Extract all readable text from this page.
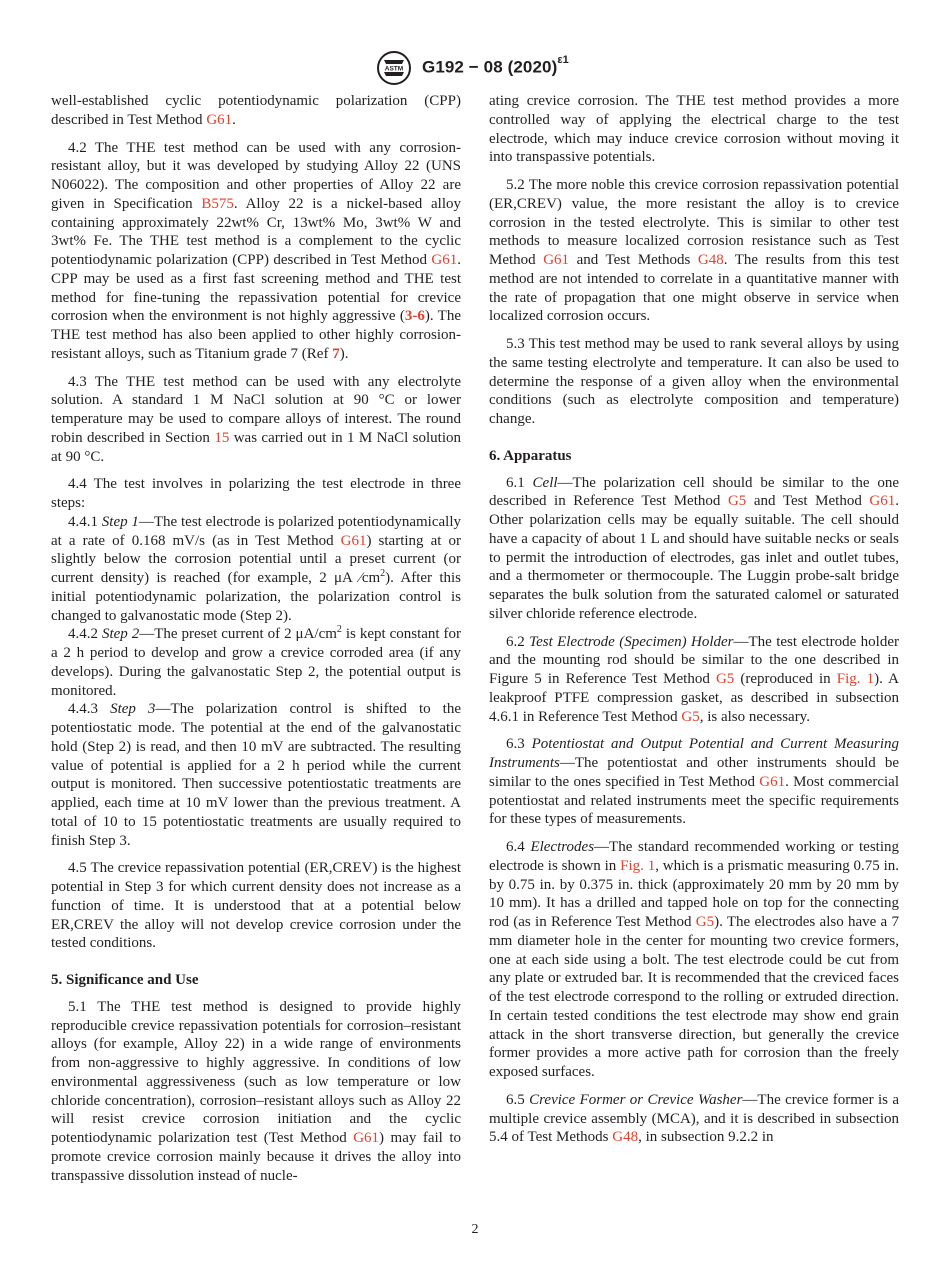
ASTM G192 − 08 $(2020)^{\varepsilon 1}$

well-established cyclic potentiodynamic polarization (CPP) described in Test Method G61.

4.2 The THE test method can be used with any corrosion-resistant alloy, but it was developed by studying Alloy 22 (UNS N06022). The composition and other properties of Alloy 22 are given in Specification B575. Alloy 22 is a nickel-based alloy containing approximately 22wt% Cr, 13wt% Mo, 3wt% W and 3wt% Fe. The THE test method is a complement to the cyclic potentiodynamic polarization (CPP) described in Test Method G61. CPP may be used as a first fast screening method and THE test method for fine-tuning the repassivation potential for crevice corrosion when the environment is not highly aggressive (3-6). The THE test method has also been applied to other highly corrosion-resistant alloys, such as Titanium grade 7 (Ref 7).

4.3 The THE test method can be used with any electrolyte solution. A standard 1 M NaCl solution at 90 °C or lower temperature may be used to compare alloys of interest. The round robin described in Section 15 was carried out in 1 M NaCl solution at 90 °C.

4.4 The test involves in polarizing the test electrode in three steps:

4.4.1 Step 1—The test electrode is polarized potentiodynamically at a rate of 0.168 mV/s (as in Test Method G61) starting at or slightly below the corrosion potential until a preset current (or current density) is reached (for example, 2 μA $⁄cm^2$). After this initial potentiodynamic polarization, the polarization control is changed to galvanostatic mode (Step 2).

4.4.2 Step 2—The preset current of 2 $\mu A/cm^2$ is kept constant for a 2 h period to develop and grow a crevice corroded area (if any develops). During the galvanostatic Step 2, the potential output is monitored.

4.4.3 Step 3—The polarization control is shifted to the potentiostatic mode. The potential at the end of the galvanostatic hold (Step 2) is read, and then 10 mV are subtracted. The resulting value of potential is applied for a 2 h period while the current output is monitored. Then successive potentiostatic treatments are applied, each time at 10 mV lower than the previous treatment. A total of 10 to 15 potentiostatic treatments are usually required to finish Step 3.

4.5 The crevice repassivation potential (ER,CREV) is the highest potential in Step 3 for which current density does not increase as a function of time. It is understood that at a potential below ER,CREV the alloy will not develop crevice corrosion under the tested conditions.

5. Significance and Use

5.1 The THE test method is designed to provide highly reproducible crevice repassivation potentials for corrosion–resistant alloys (for example, Alloy 22) in a wide range of environments from non-aggressive to highly aggressive. In conditions of low environmental aggressiveness (such as low temperature or low chloride concentration), corrosion–resistant alloys such as Alloy 22 will resist crevice corrosion initiation and the cyclic potentiodynamic polarization test (Test Method G61) may fail to promote crevice corrosion mainly because it drives the alloy into transpassive dissolution instead of nucle-

ating crevice corrosion. The THE test method provides a more controlled way of applying the electrical charge to the test electrode, which may induce crevice corrosion without moving it into transpassive potentials.

5.2 The more noble this crevice corrosion repassivation potential (ER,CREV) value, the more resistant the alloy is to crevice corrosion in the tested electrolyte. This is similar to other test methods to measure localized corrosion resistance such as Test Method G61 and Test Methods G48. The results from this test method are not intended to correlate in a quantitative manner with the rate of propagation that one might observe in service when localized corrosion occurs.

5.3 This test method may be used to rank several alloys by using the same testing electrolyte and temperature. It can also be used to determine the response of a given alloy when the environmental conditions (such as electrolyte composition and temperature) change.

6. Apparatus

6.1 Cell—The polarization cell should be similar to the one described in Reference Test Method G5 and Test Method G61. Other polarization cells may be equally suitable. The cell should have a capacity of about 1 L and should have suitable necks or seals to permit the introduction of electrodes, gas inlet and outlet tubes, and a thermometer or thermocouple. The Luggin probe-salt bridge separates the bulk solution from the saturated calomel or saturated silver chloride reference electrode.

6.2 Test Electrode (Specimen) Holder—The test electrode holder and the mounting rod should be similar to the one described in Figure 5 in Reference Test Method G5 (reproduced in Fig. 1). A leakproof PTFE compression gasket, as described in subsection 4.6.1 in Reference Test Method G5, is also necessary.

6.3 Potentiostat and Output Potential and Current Measuring Instruments—The potentiostat and other instruments should be similar to the ones specified in Test Method G61. Most commercial potentiostat and related instruments meet the specific requirements for these types of measurements.

6.4 Electrodes—The standard recommended working or testing electrode is shown in Fig. 1, which is a prismatic measuring 0.75 in. by 0.75 in. by 0.375 in. thick (approximately 20 mm by 20 mm by 10 mm). It has a drilled and tapped hole on top for the connecting rod (as in Reference Test Method G5). The electrodes also have a 7 mm diameter hole in the center for mounting two crevice formers, one at each side using a bolt. The test electrode could be cut from any plate or extruded bar. It is recommended that the creviced faces of the test electrode correspond to the rolling or extruded direction. In certain tested conditions the test electrode may show end grain attack in the short transverse direction, but generally the crevice former provides a more active path for corrosion than the freely exposed surfaces.

6.5 Crevice Former or Crevice Washer—The crevice former is a multiple crevice assembly (MCA), and it is described in subsection 5.4 of Test Methods G48, in subsection 9.2.2 in

2
